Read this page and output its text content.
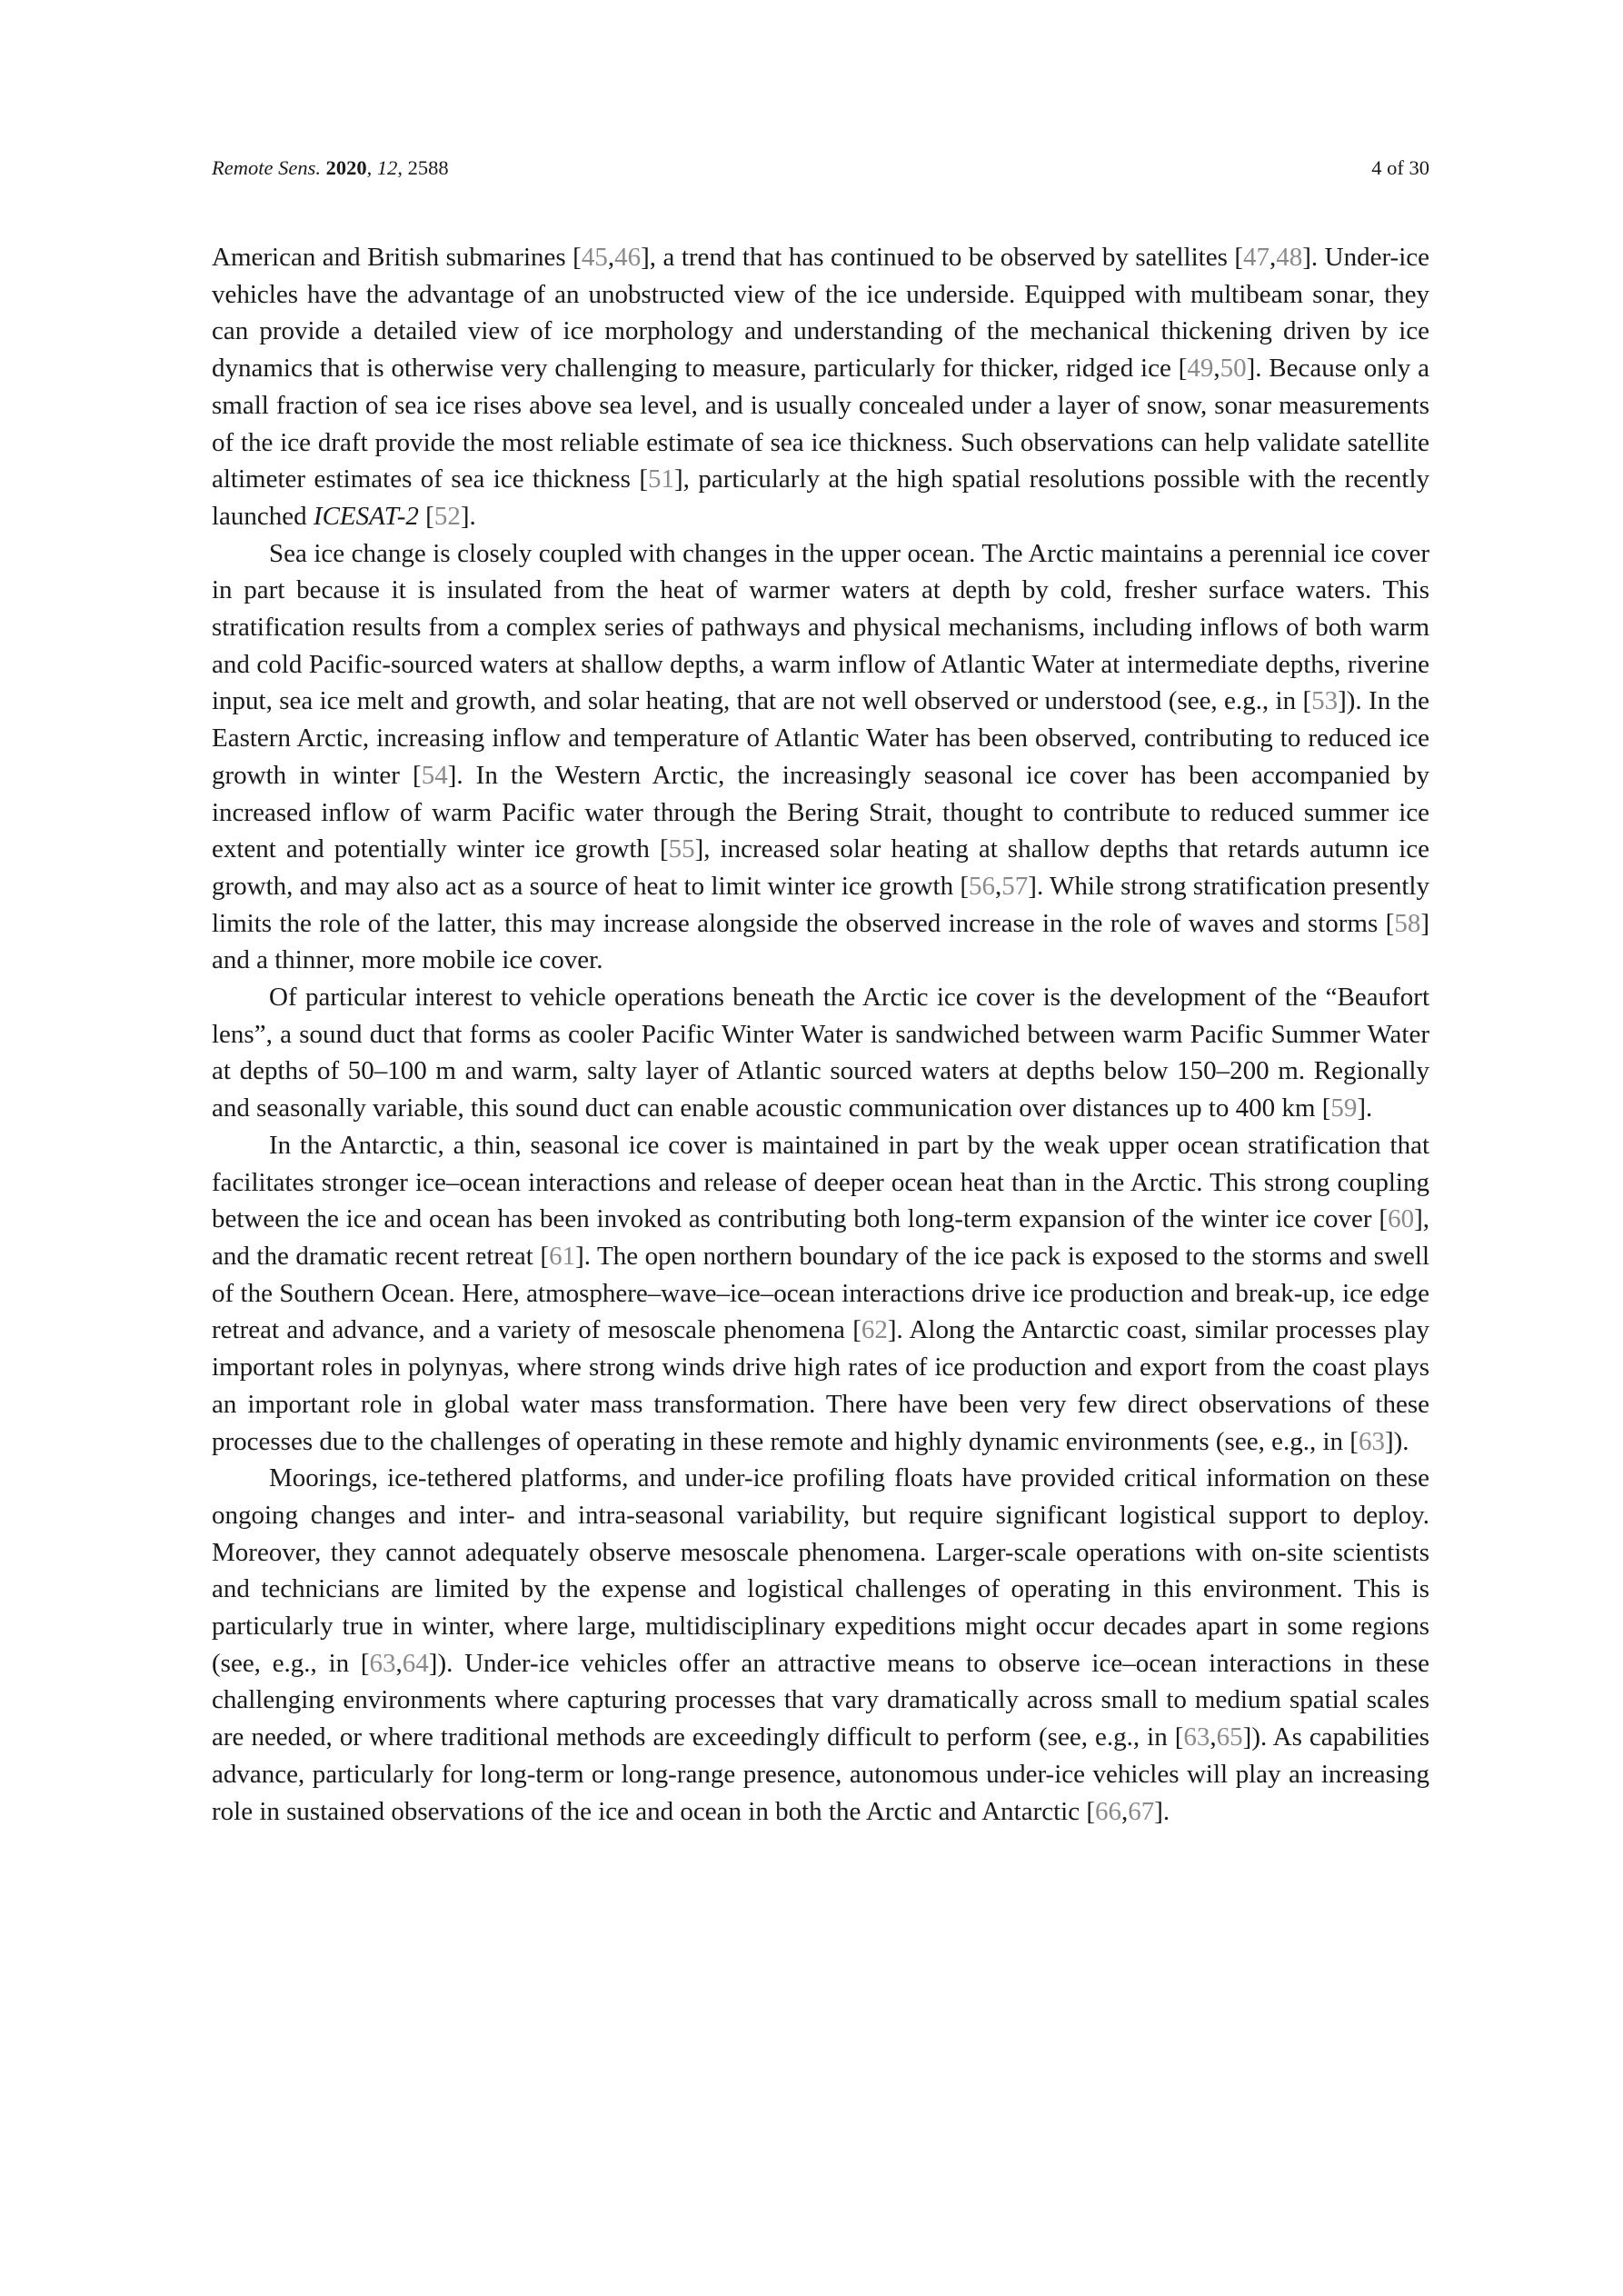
Remote Sens. 2020, 12, 2588	4 of 30

American and British submarines [45,46], a trend that has continued to be observed by satellites [47,48]. Under-ice vehicles have the advantage of an unobstructed view of the ice underside. Equipped with multibeam sonar, they can provide a detailed view of ice morphology and understanding of the mechanical thickening driven by ice dynamics that is otherwise very challenging to measure, particularly for thicker, ridged ice [49,50]. Because only a small fraction of sea ice rises above sea level, and is usually concealed under a layer of snow, sonar measurements of the ice draft provide the most reliable estimate of sea ice thickness. Such observations can help validate satellite altimeter estimates of sea ice thickness [51], particularly at the high spatial resolutions possible with the recently launched ICESAT-2 [52].

Sea ice change is closely coupled with changes in the upper ocean. The Arctic maintains a perennial ice cover in part because it is insulated from the heat of warmer waters at depth by cold, fresher surface waters. This stratification results from a complex series of pathways and physical mechanisms, including inflows of both warm and cold Pacific-sourced waters at shallow depths, a warm inflow of Atlantic Water at intermediate depths, riverine input, sea ice melt and growth, and solar heating, that are not well observed or understood (see, e.g., in [53]). In the Eastern Arctic, increasing inflow and temperature of Atlantic Water has been observed, contributing to reduced ice growth in winter [54]. In the Western Arctic, the increasingly seasonal ice cover has been accompanied by increased inflow of warm Pacific water through the Bering Strait, thought to contribute to reduced summer ice extent and potentially winter ice growth [55], increased solar heating at shallow depths that retards autumn ice growth, and may also act as a source of heat to limit winter ice growth [56,57]. While strong stratification presently limits the role of the latter, this may increase alongside the observed increase in the role of waves and storms [58] and a thinner, more mobile ice cover.

Of particular interest to vehicle operations beneath the Arctic ice cover is the development of the “Beaufort lens”, a sound duct that forms as cooler Pacific Winter Water is sandwiched between warm Pacific Summer Water at depths of 50–100 m and warm, salty layer of Atlantic sourced waters at depths below 150–200 m. Regionally and seasonally variable, this sound duct can enable acoustic communication over distances up to 400 km [59].

In the Antarctic, a thin, seasonal ice cover is maintained in part by the weak upper ocean stratification that facilitates stronger ice–ocean interactions and release of deeper ocean heat than in the Arctic. This strong coupling between the ice and ocean has been invoked as contributing both long-term expansion of the winter ice cover [60], and the dramatic recent retreat [61]. The open northern boundary of the ice pack is exposed to the storms and swell of the Southern Ocean. Here, atmosphere–wave–ice–ocean interactions drive ice production and break-up, ice edge retreat and advance, and a variety of mesoscale phenomena [62]. Along the Antarctic coast, similar processes play important roles in polynyas, where strong winds drive high rates of ice production and export from the coast plays an important role in global water mass transformation. There have been very few direct observations of these processes due to the challenges of operating in these remote and highly dynamic environments (see, e.g., in [63]).

Moorings, ice-tethered platforms, and under-ice profiling floats have provided critical information on these ongoing changes and inter- and intra-seasonal variability, but require significant logistical support to deploy. Moreover, they cannot adequately observe mesoscale phenomena. Larger-scale operations with on-site scientists and technicians are limited by the expense and logistical challenges of operating in this environment. This is particularly true in winter, where large, multidisciplinary expeditions might occur decades apart in some regions (see, e.g., in [63,64]). Under-ice vehicles offer an attractive means to observe ice–ocean interactions in these challenging environments where capturing processes that vary dramatically across small to medium spatial scales are needed, or where traditional methods are exceedingly difficult to perform (see, e.g., in [63,65]). As capabilities advance, particularly for long-term or long-range presence, autonomous under-ice vehicles will play an increasing role in sustained observations of the ice and ocean in both the Arctic and Antarctic [66,67].
